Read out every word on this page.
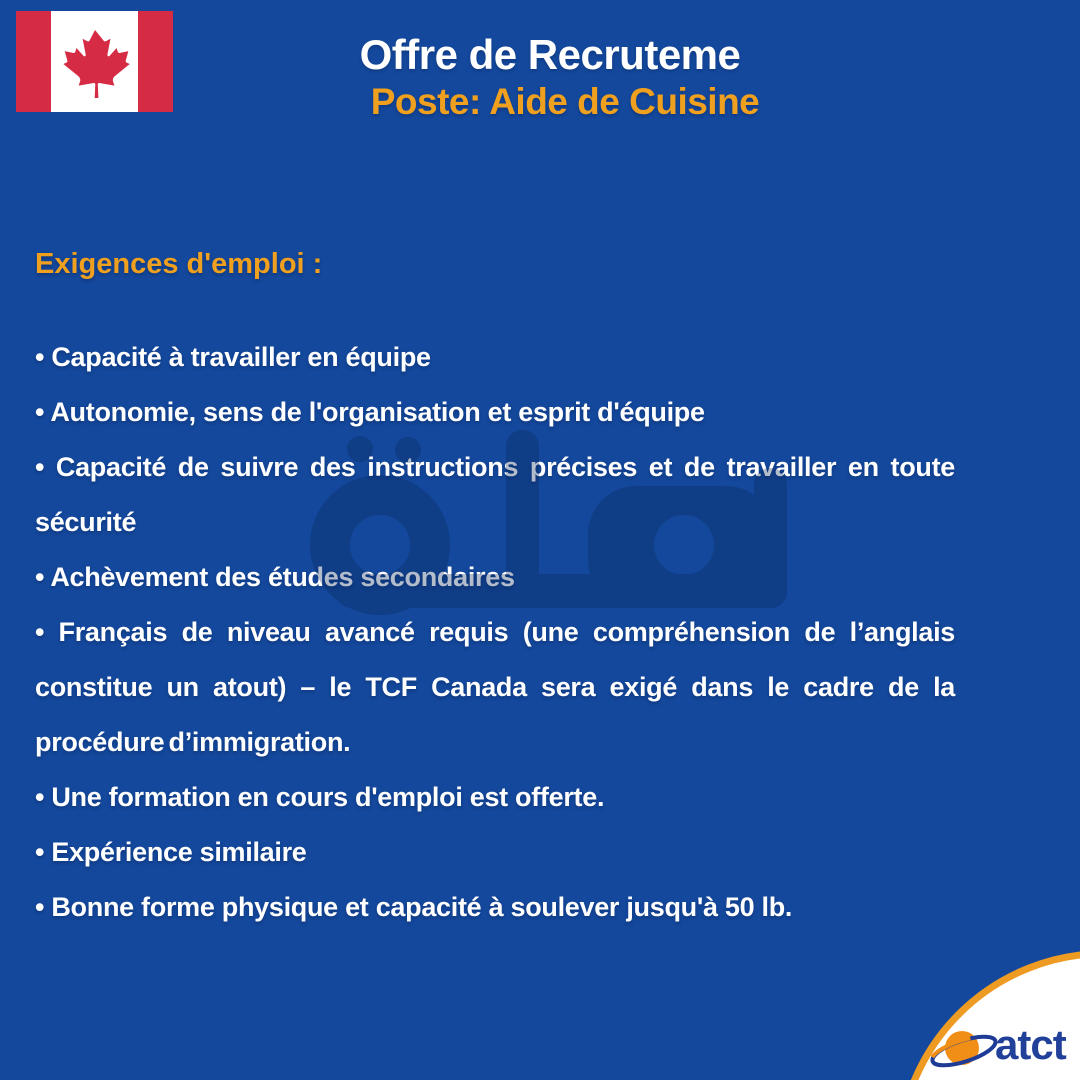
Offre de Recruteme
Poste: Aide de Cuisine
Exigences d'emploi :

• Capacité à travailler en équipe

• Autonomie, sens de l'organisation et esprit d'équipe

• Capacité de suivre des instructions précises et de travailler en toute sécurité

• Achèvement des études secondaires

• Français de niveau avancé requis (une compréhension de l’anglais constitue un atout) – le TCF Canada sera exigé dans le cadre de la procédure d’immigration.

• Une formation en cours d'emploi est offerte.

• Expérience similaire

• Bonne forme physique et capacité à soulever jusqu'à 50 lb.

atct
